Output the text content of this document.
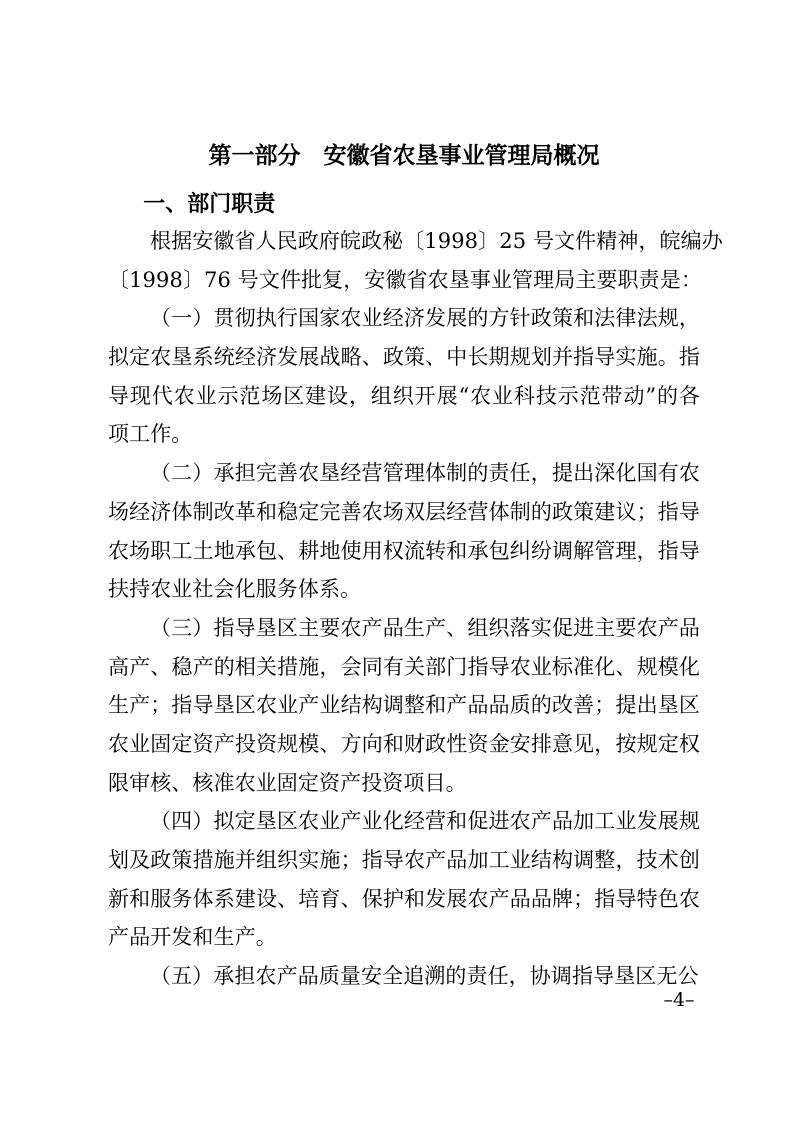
第一部分　安徽省农垦事业管理局概况
一、部门职责
根据安徽省人民政府皖政秘〔1998〕25 号文件精神，皖编办
〔1998〕76 号文件批复，安徽省农垦事业管理局主要职责是：
（一）贯彻执行国家农业经济发展的方针政策和法律法规，
拟定农垦系统经济发展战略、政策、中长期规划并指导实施。指
导现代农业示范场区建设，组织开展“农业科技示范带动”的各
项工作。
（二）承担完善农垦经营管理体制的责任，提出深化国有农
场经济体制改革和稳定完善农场双层经营体制的政策建议；指导
农场职工土地承包、耕地使用权流转和承包纠纷调解管理，指导
扶持农业社会化服务体系。
（三）指导垦区主要农产品生产、组织落实促进主要农产品
高产、稳产的相关措施，会同有关部门指导农业标准化、规模化
生产；指导垦区农业产业结构调整和产品品质的改善；提出垦区
农业固定资产投资规模、方向和财政性资金安排意见，按规定权
限审核、核准农业固定资产投资项目。
（四）拟定垦区农业产业化经营和促进农产品加工业发展规
划及政策措施并组织实施；指导农产品加工业结构调整，技术创
新和服务体系建设、培育、保护和发展农产品品牌；指导特色农
产品开发和生产。
（五）承担农产品质量安全追溯的责任，协调指导垦区无公
–4–
